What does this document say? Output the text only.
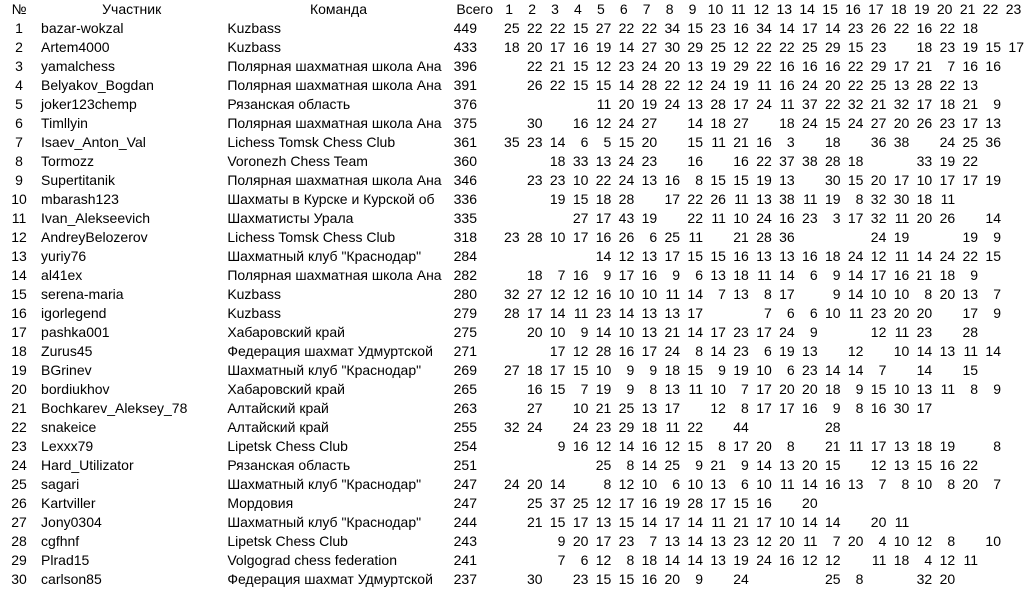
№	Участник	Команда	Всего	1	2	3	4	5	6	7	8	9	10	11	12	13	14	15	16	17	18	19	20	21	22	23
1	bazar-wokzal	Kuzbass	449	25	22	22	15	27	22	22	34	15	23	16	34	14	17	14	23	26	22	16	22	18		
2	Artem4000	Kuzbass	433	18	20	17	16	19	14	27	30	29	25	12	22	22	25	29	15	23		18	23	19	15	17
3	yamalchess	Полярная шахматная школа Ана	396		22	21	15	12	23	24	20	13	19	29	22	16	16	16	22	29	17	21	7	16	16	
4	Belyakov_Bogdan	Полярная шахматная школа Ана	391		26	22	15	15	14	28	22	12	24	19	11	16	24	20	22	25	13	28	22	13		
5	joker123chemp	Рязанская область	376					11	20	19	24	13	28	17	24	11	37	22	32	21	32	17	18	21	9	
6	Timllyin	Полярная шахматная школа Ана	375		30		16	12	24	27		14	18	27		18	24	15	24	27	20	26	23	17	13	
7	Isaev_Anton_Val	Lichess Tomsk Chess Club	361	35	23	14	6	5	15	20		15	11	21	16	3		18		36	38		24	25	36	
8	Tormozz	Voronezh Chess Team	360			18	33	13	24	23		16		16	22	37	38	28	18			33	19	22		
9	Supertitanik	Полярная шахматная школа Ана	346		23	23	10	22	24	13	16	8	15	15	19	13		30	15	20	17	10	17	17	19	
10	mbarash123	Шахматы в Курске и Курской об	336			19	15	18	28		17	22	26	11	13	38	11	19	8	32	30	18	11			
11	Ivan_Alekseevich	Шахматисты Урала	335				27	17	43	19		22	11	10	24	16	23	3	17	32	11	20	26		14	
12	AndreyBelozerov	Lichess Tomsk Chess Club	318	23	28	10	17	16	26	6	25	11		21	28	36				24	19			19	9	
13	yuriy76	Шахматный клуб "Краснодар"	284					14	12	13	17	15	15	16	13	13	16	18	24	12	11	14	24	22	15	
14	al41ex	Полярная шахматная школа Ана	282		18	7	16	9	17	16	9	6	13	18	11	14	6	9	14	17	16	21	18	9		
15	serena-maria	Kuzbass	280	32	27	12	12	16	10	10	11	14	7	13	8	17		9	14	10	10	8	20	13	7	
16	igorlegend	Kuzbass	279	28	17	14	11	23	14	13	13	17			7	6	6	10	11	23	20	20		17	9	
17	pashka001	Хабаровский край	275		20	10	9	14	10	13	21	14	17	23	17	24	9			12	11	23		28		
18	Zurus45	Федерация шахмат Удмуртской	271			17	12	28	16	17	24	8	14	23	6	19	13		12		10	14	13	11	14	
19	BGrinev	Шахматный клуб "Краснодар"	269	27	18	17	15	10	9	9	18	15	9	19	10	6	23	14	14	7		14		15		
20	bordiukhov	Хабаровский край	265		16	15	7	19	9	8	13	11	10	7	17	20	20	18	9	15	10	13	11	8	9	
21	Bochkarev_Aleksey_78	Алтайский край	263		27		10	21	25	13	17		12	8	17	17	16	9	8	16	30	17				
22	snakeice	Алтайский край	255	32	24		24	23	29	18	11	22		44				28								
23	Lexxx79	Lipetsk Chess Club	254			9	16	12	14	16	12	15	8	17	20	8		21	11	17	13	18	19		8	
24	Hard_Utilizator	Рязанская область	251					25	8	14	25	9	21	9	14	13	20	15		12	13	15	16	22		
25	sagari	Шахматный клуб "Краснодар"	247	24	20	14		8	12	10	6	10	13	6	10	11	14	16	13	7	8	10	8	20	7	
26	Kartviller	Мордовия	247		25	37	25	12	17	16	19	28	17	15	16		20									
27	Jony0304	Шахматный клуб "Краснодар"	244		21	15	17	13	15	14	17	14	11	21	17	10	14	14		20	11					
28	cgfhnf	Lipetsk Chess Club	243			9	20	17	23	7	13	14	13	23	12	20	11	7	20	4	10	12	8		10	
29	Plrad15	Volgograd chess federation	241			7	6	12	8	18	14	14	13	19	24	16	12	12		11	18	4	12	11		
30	carlson85	Федерация шахмат Удмуртской	237		30		23	15	15	16	20	9		24				25	8			32	20			
